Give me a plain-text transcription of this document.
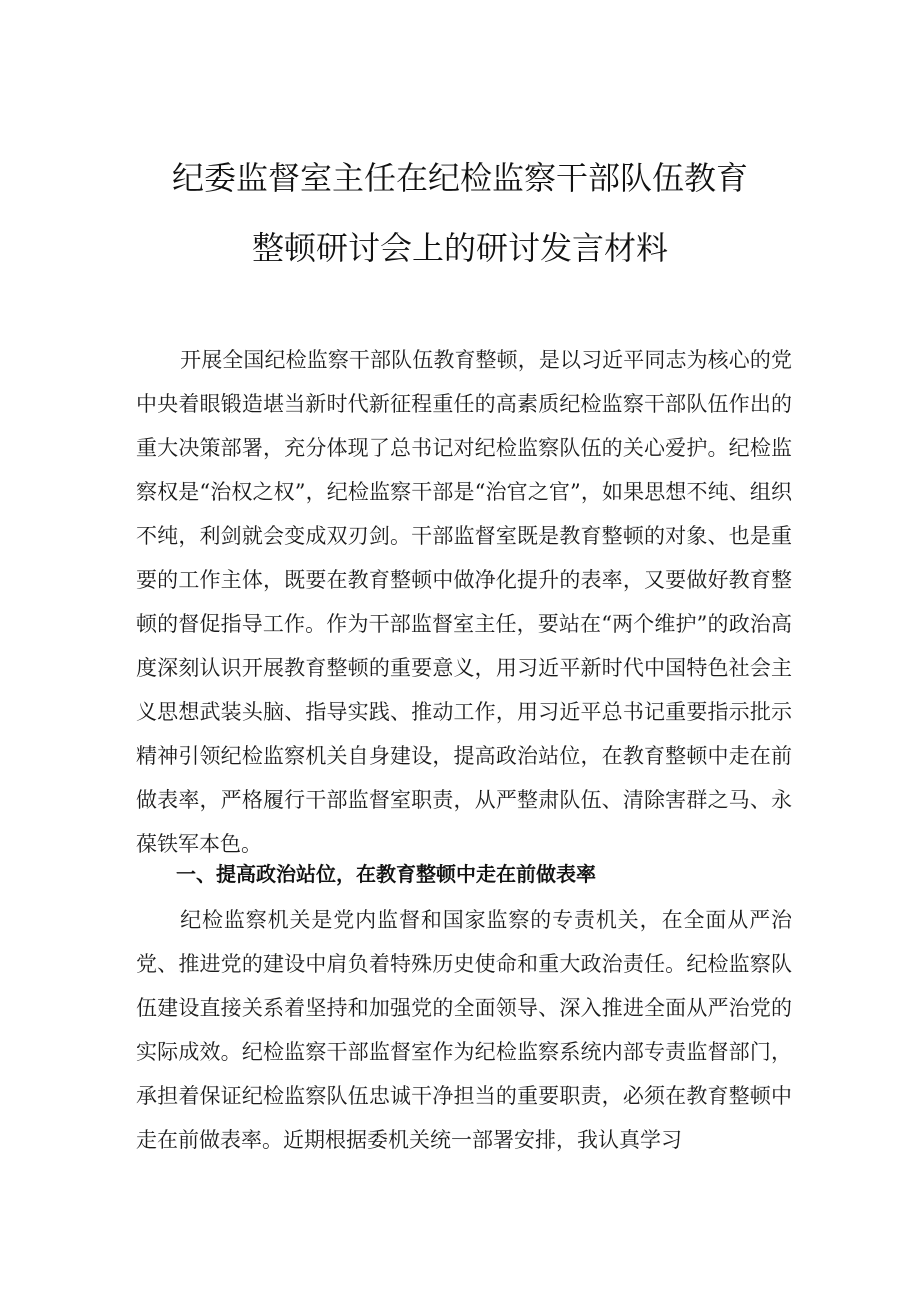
纪委监督室主任在纪检监察干部队伍教育
整顿研讨会上的研讨发言材料

开展全国纪检监察干部队伍教育整顿，是以习近平同志为核心的党中央着眼锻造堪当新时代新征程重任的高素质纪检监察干部队伍作出的重大决策部署，充分体现了总书记对纪检监察队伍的关心爱护。纪检监察权是“治权之权”，纪检监察干部是“治官之官”，如果思想不纯、组织不纯，利剑就会变成双刃剑。干部监督室既是教育整顿的对象、也是重要的工作主体，既要在教育整顿中做净化提升的表率，又要做好教育整顿的督促指导工作。作为干部监督室主任，要站在“两个维护”的政治高度深刻认识开展教育整顿的重要意义，用习近平新时代中国特色社会主义思想武装头脑、指导实践、推动工作，用习近平总书记重要指示批示精神引领纪检监察机关自身建设，提高政治站位，在教育整顿中走在前做表率，严格履行干部监督室职责，从严整肃队伍、清除害群之马、永葆铁军本色。

一、提高政治站位，在教育整顿中走在前做表率

纪检监察机关是党内监督和国家监察的专责机关，在全面从严治党、推进党的建设中肩负着特殊历史使命和重大政治责任。纪检监察队伍建设直接关系着坚持和加强党的全面领导、深入推进全面从严治党的实际成效。纪检监察干部监督室作为纪检监察系统内部专责监督部门，承担着保证纪检监察队伍忠诚干净担当的重要职责，必须在教育整顿中走在前做表率。近期根据委机关统一部署安排，我认真学习
